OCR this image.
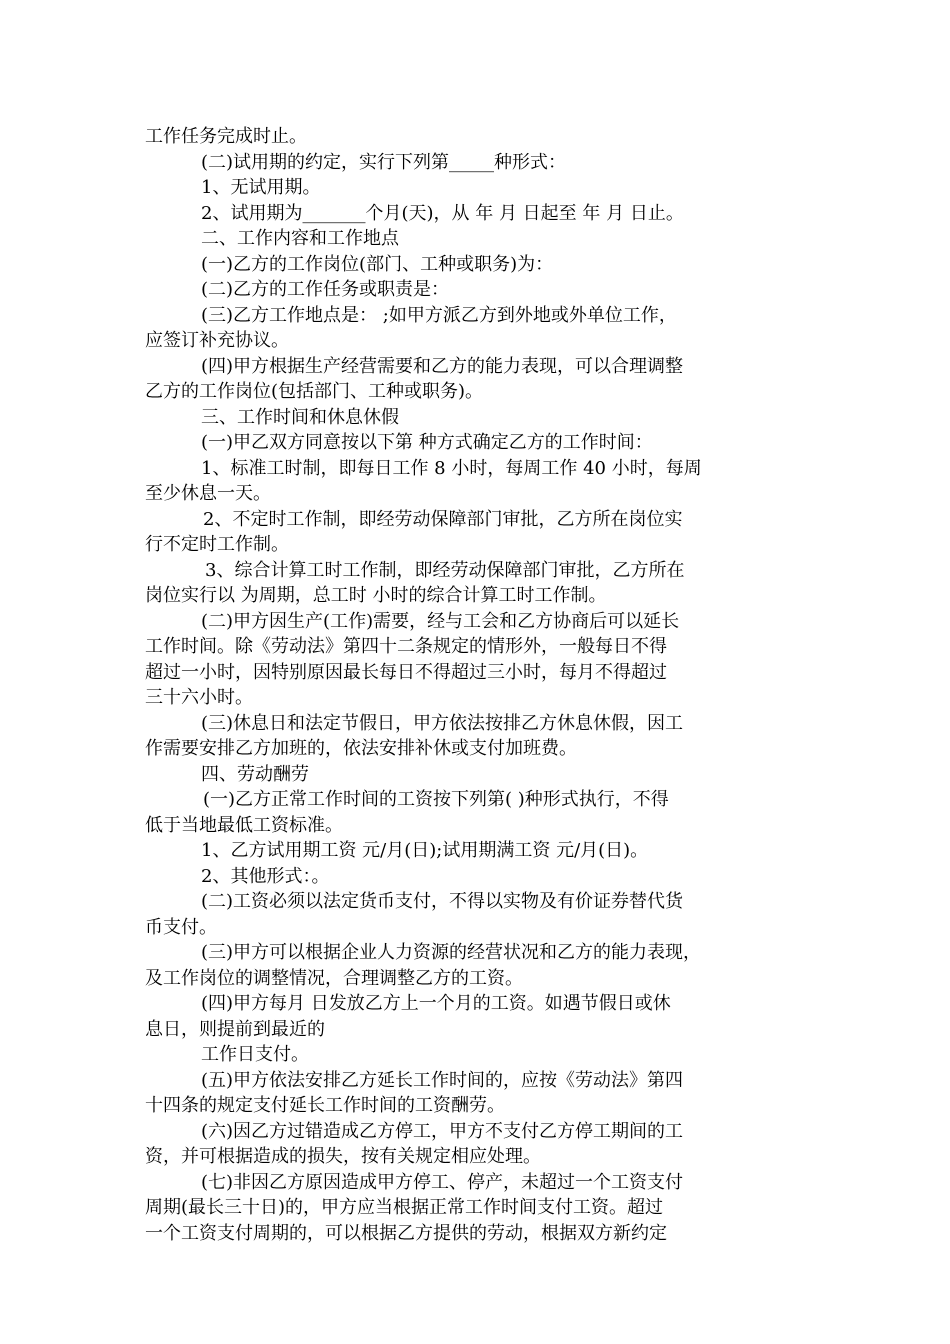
工作任务完成时止。
(二)试用期的约定，实行下列第_____种形式：
1、无试用期。
2、试用期为_______个月(天)，从 年 月 日起至 年 月 日止。
二、工作内容和工作地点
(一)乙方的工作岗位(部门、工种或职务)为：
(二)乙方的工作任务或职责是：
(三)乙方工作地点是： ;如甲方派乙方到外地或外单位工作，
应签订补充协议。
(四)甲方根据生产经营需要和乙方的能力表现，可以合理调整
乙方的工作岗位(包括部门、工种或职务)。
三、工作时间和休息休假
(一)甲乙双方同意按以下第 种方式确定乙方的工作时间：
1、标准工时制，即每日工作 8 小时，每周工作 40 小时，每周
至少休息一天。
2、不定时工作制，即经劳动保障部门审批，乙方所在岗位实
行不定时工作制。
3、综合计算工时工作制，即经劳动保障部门审批，乙方所在
岗位实行以 为周期，总工时 小时的综合计算工时工作制。
(二)甲方因生产(工作)需要，经与工会和乙方协商后可以延长
工作时间。除《劳动法》第四十二条规定的情形外，一般每日不得
超过一小时，因特别原因最长每日不得超过三小时，每月不得超过
三十六小时。
(三)休息日和法定节假日，甲方依法按排乙方休息休假，因工
作需要安排乙方加班的，依法安排补休或支付加班费。
四、劳动酬劳
(一)乙方正常工作时间的工资按下列第( )种形式执行，不得
低于当地最低工资标准。
1、乙方试用期工资 元/月(日);试用期满工资 元/月(日)。
2、其他形式：。
(二)工资必须以法定货币支付，不得以实物及有价证券替代货
币支付。
(三)甲方可以根据企业人力资源的经营状况和乙方的能力表现，
及工作岗位的调整情况，合理调整乙方的工资。
(四)甲方每月 日发放乙方上一个月的工资。如遇节假日或休
息日，则提前到最近的
工作日支付。
(五)甲方依法安排乙方延长工作时间的，应按《劳动法》第四
十四条的规定支付延长工作时间的工资酬劳。
(六)因乙方过错造成乙方停工，甲方不支付乙方停工期间的工
资，并可根据造成的损失，按有关规定相应处理。
(七)非因乙方原因造成甲方停工、停产，未超过一个工资支付
周期(最长三十日)的，甲方应当根据正常工作时间支付工资。超过
一个工资支付周期的，可以根据乙方提供的劳动，根据双方新约定
